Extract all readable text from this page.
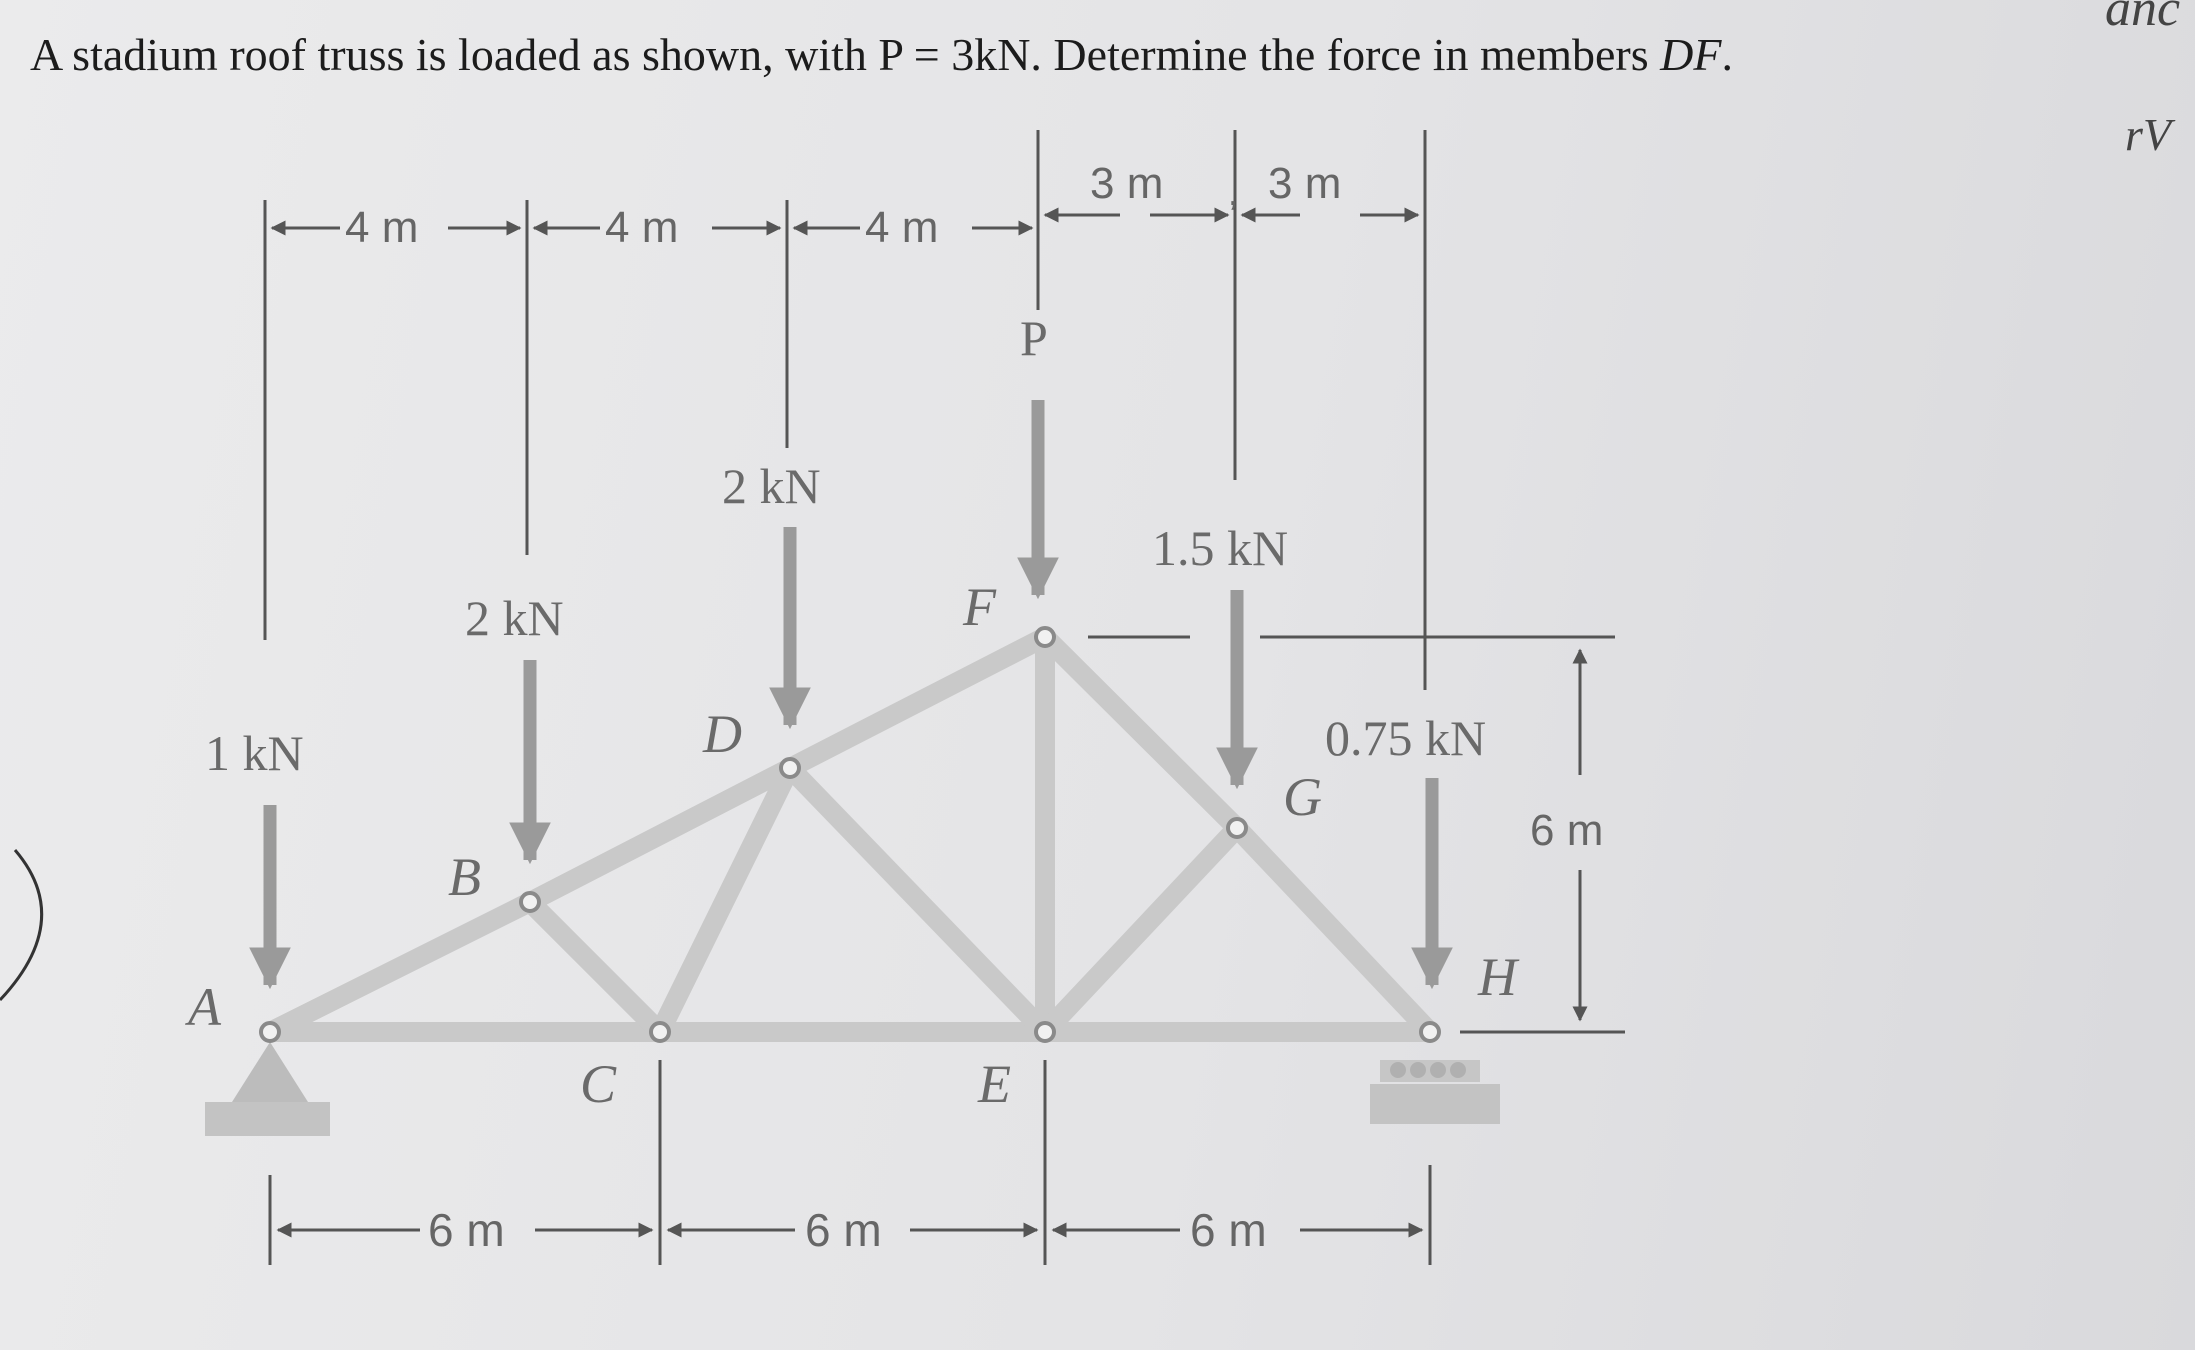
A stadium roof truss is loaded as shown, with P = 3kN. Determine the force in members DF.
4 m	4 m	4 m
3 m 3 m
,
1 kN
2 kN
2 kN
P
1.5 kN
0.75 kN
A
B
C
D
E
F
G
H
6 m
6 m	6 m	6 m
anc
rV
